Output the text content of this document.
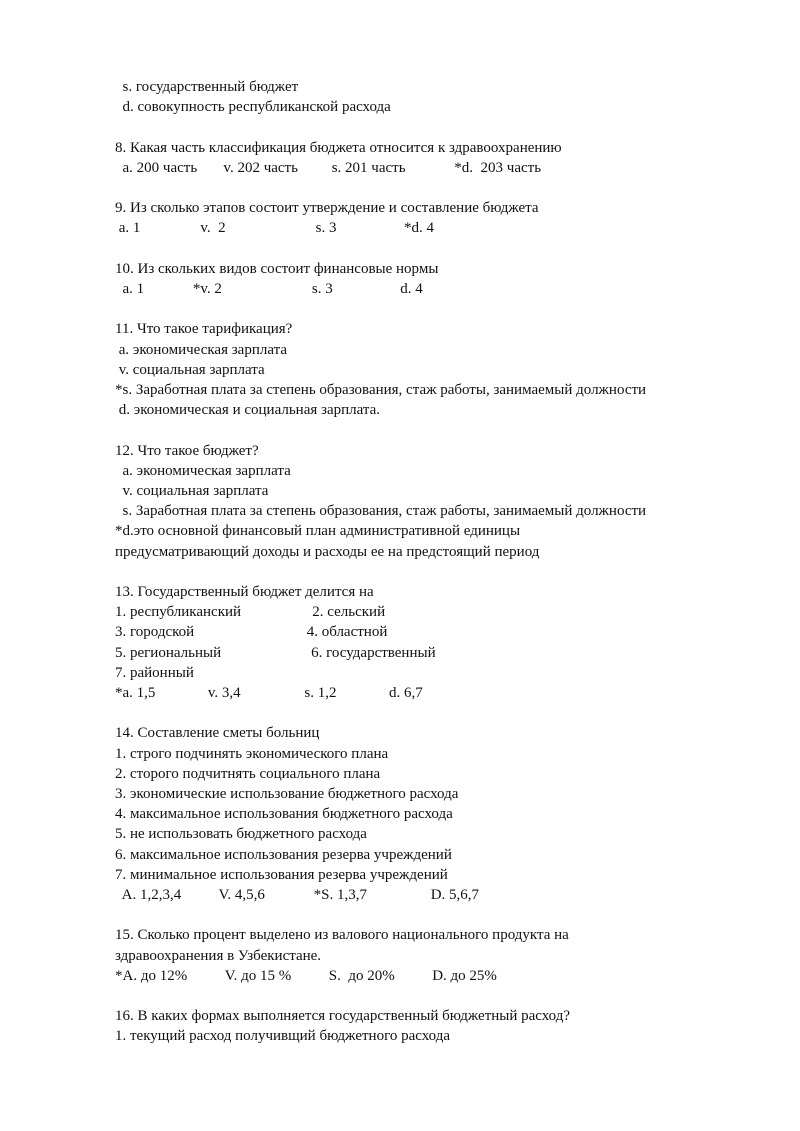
s. государственный бюджет
d. совокупность республиканской расхода
8. Какая часть классификация бюджета относится к здравоохранению
a. 200 часть       v. 202 часть         s. 201 часть             *d.  203 часть
9. Из сколько этапов состоит утверждение и составление бюджета
a. 1                v.  2                        s. 3                  *d. 4
10. Из скольких видов состоит финансовые нормы
a. 1             *v. 2                        s. 3                  d. 4
11. Что такое тарификация?
a. экономическая зарплата
v. социальная зарплата
*s. Заработная плата за степень образования, стаж работы, занимаемый должности
d. экономическая и социальная зарплата.
12. Что такое бюджет?
a. экономическая зарплата
v. социальная зарплата
s. Заработная плата за степень образования, стаж работы, занимаемый должности
*d.это основной финансовый план административной единицы
предусматривающий доходы и расходы ее на предстоящий период
13. Государственный бюджет делится на
1. республиканский                   2. сельский
3. городской                              4. областной
5. региональный                        6. государственный
7. районный
*a. 1,5              v. 3,4                 s. 1,2              d. 6,7
14. Составление сметы больниц
1. строго подчинять экономического плана
2. сторого подчитнять социального плана
3. экономические использование бюджетного расхода
4. максимальное использования бюджетного расхода
5. не использовать бюджетного расхода
6. максимальное использования резерва учреждений
7. минимальное использования резерва учреждений
A. 1,2,3,4          V. 4,5,6             *S. 1,3,7                 D. 5,6,7
15. Сколько процент выделено из валового национального продукта на
здравоохранения в Узбекистане.
*A. до 12%          V. до 15 %          S.  до 20%          D. до 25%
16. В каких формах выполняется государственный бюджетный расход?
1. текущий расход получивщий бюджетного расхода
